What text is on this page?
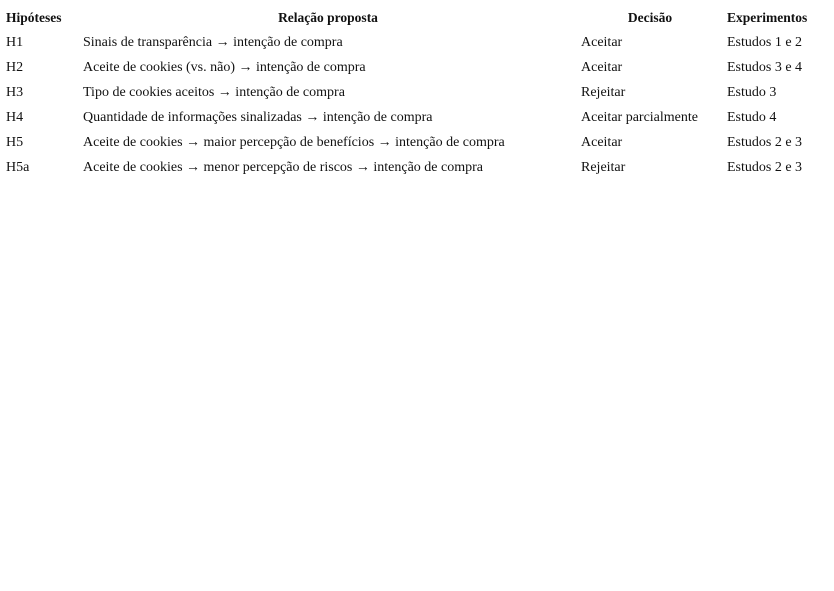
Hipóteses	Relação proposta	Decisão	Experimentos
H1	Sinais de transparência → intenção de compra	Aceitar	Estudos 1 e 2
H2	Aceite de cookies (vs. não) → intenção de compra	Aceitar	Estudos 3 e 4
H3	Tipo de cookies aceitos → intenção de compra	Rejeitar	Estudo 3
H4	Quantidade de informações sinalizadas → intenção de compra	Aceitar parcialmente	Estudo 4
H5	Aceite de cookies → maior percepção de benefícios → intenção de compra	Aceitar	Estudos 2 e 3
H5a	Aceite de cookies → menor percepção de riscos → intenção de compra	Rejeitar	Estudos 2 e 3
